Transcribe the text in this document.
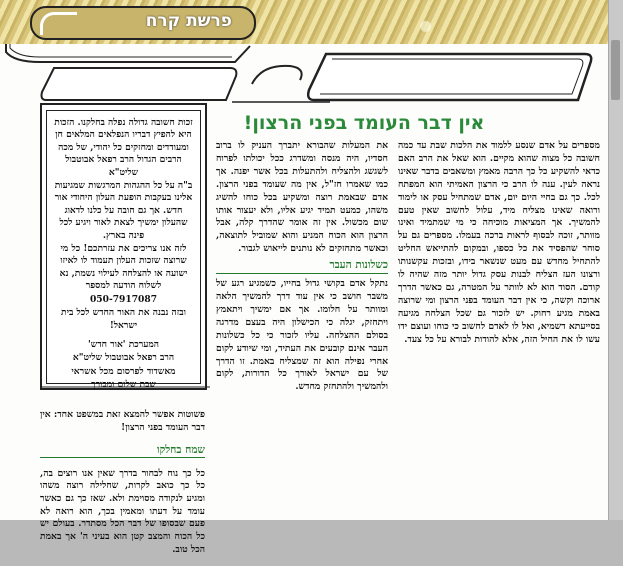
פרשת קרח
אין דבר העומד בפני הרצון!

זכות חשובה גדולה נפלה בחלקנו. הזכות היא להפיץ דבריו הנפלאים המלאים חן ומעודדים ומחזקים כל יהודי, של מכה הרבים הגדול הרב רפאל אבוטבול שליט"א

ב"ה על כל ההגהות המרגשות שמגיעות אלינו בעקבות הופעת העלון היחודי אור חדש. אך גם חובה על כלנו לדאוג שהעלון ימשיך לצאת לאור ויגיע לכל פינה בארץ.

לזה אנו צריכים את עזרתכם! כל מי שרוצה שזכות העלון תעמוד לו לאיזו ישועה או להצלחה לעילוי נשמת, נא לשלוח הודעה למספר

050-7917087

ובזה נבנה את האור החדש לכל בית ישראל!

המערכת 'אור חדש'

הרב רפאל אבוטבול שליט"א

מאשדוד לפרסום מכל אשראי

שבת שלום ומבורך

פשוטות אפשר להמצא זאת במשפט אחד: אין דבר העומד בפני הרצון!

שמח בחלקו

כל כך נוח לבחור בדרך שאין אנו רוצים בה, כל כך כואב לקרות, שחלילה רוצה משהו ומגיע לנקודה מסוימת ולא. שאז כך גם כאשר עומד על דעתו ומאמין בכך, הוא רואה לא פעם שבסופו של דבר הכל מסתדר. בעולם יש כל הכוח והמצב קטן הוא בעיני ה' אך באמת הכל טוב.

את המעלות שהבורא יתברך העניק לו ברוב חסדיו, היה מנסה ומשדרג ככל יכולתו לפרוח לשגשג ולהצליח ולהתעלות בכל אשר יפנה. אך כמו שאמרו חז"ל, אין מה שעומד בפני הרצון. אדם שבאמת רוצה ומשקיע בכל כוחו להשיג משהו, כמעט תמיד יגיע אליו, ולא יעצור אותו שום מכשול. אין זה אומר שהדרך קלה, אבל הרצון הוא הכוח המניע והוא שמוביל לתוצאה, וכאשר מתחזקים לא נותנים לייאוש לגבור.

כשלונות העבר

נתקל אדם בקושי גדול בחייו, כשמגיע רגע של משבר חושב כי אין עוד דרך להמשיך הלאה ומוותר על חלומו. אך אם ימשיך ויתאמץ ויתחזק, יגלה כי הכישלון היה בעצם מדרגה בסולם ההצלחה. עליו לזכור כי כל כשלונות העבר אינם קובעים את העתיד, ומי שיודע לקום אחרי נפילה הוא זה שמצליח באמת. זו הדרך של עם ישראל לאורך כל הדורות, לקום ולהמשיך ולהתחזק מחדש.

מספרים על אדם שנסע ללמוד את הלכות שבת עד כמה חשובה כל מצוה שהוא מקיים. הוא שאל את הרב האם כדאי להשקיע כל כך הרבה מאמץ ומשאבים בדבר שאינו נראה לעין. ענה לו הרב כי הרצון האמיתי הוא המפתח לכל. כך גם בחיי היום יום, אדם שמתחיל עסק או לימוד ורואה שאינו מצליח מיד, עלול לחשוב שאין טעם להמשיך. אך המציאות מוכיחה כי מי שמתמיד ואינו מוותר, זוכה לבסוף לראות ברכה בעמלו. מספרים גם על סוחר שהפסיד את כל כספו, ובמקום להתייאש החליט להתחיל מחדש עם מעט שנשאר בידו, ובזכות עקשנותו ורצונו העז הצליח לבנות עסק גדול יותר מזה שהיה לו קודם. הסוד הוא לא לוותר על המטרה, גם כאשר הדרך ארוכה וקשה, כי אין דבר העומד בפני הרצון ומי שרוצה באמת מגיע רחוק. יש לזכור גם שכל הצלחה מגיעה בסייעתא דשמיא, ואל לו לאדם לחשוב כי כוחו ועוצם ידו עשו לו את החיל הזה, אלא להודות לבורא על כל צעד.
